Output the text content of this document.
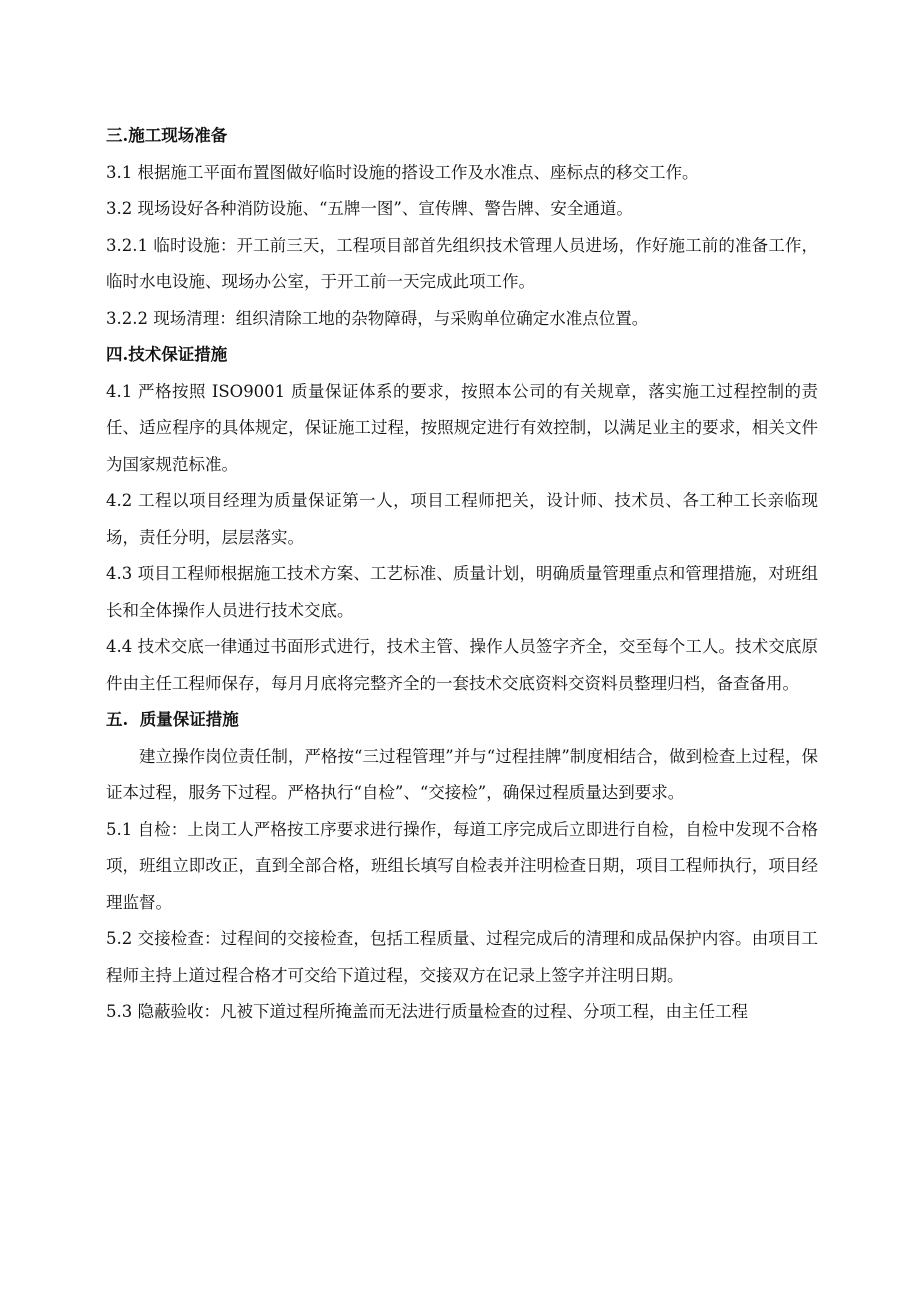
三.施工现场准备

3.1 根据施工平面布置图做好临时设施的搭设工作及水准点、座标点的移交工作。

3.2 现场设好各种消防设施、“五牌一图”、宣传牌、警告牌、安全通道。

3.2.1 临时设施：开工前三天，工程项目部首先组织技术管理人员进场，作好施工前的准备工作，临时水电设施、现场办公室，于开工前一天完成此项工作。

3.2.2 现场清理：组织清除工地的杂物障碍，与采购单位确定水准点位置。

四.技术保证措施

4.1 严格按照 ISO9001 质量保证体系的要求，按照本公司的有关规章，落实施工过程控制的责任、适应程序的具体规定，保证施工过程，按照规定进行有效控制，以满足业主的要求，相关文件为国家规范标准。

4.2 工程以项目经理为质量保证第一人，项目工程师把关，设计师、技术员、各工种工长亲临现场，责任分明，层层落实。

4.3 项目工程师根据施工技术方案、工艺标准、质量计划，明确质量管理重点和管理措施，对班组长和全体操作人员进行技术交底。

4.4 技术交底一律通过书面形式进行，技术主管、操作人员签字齐全，交至每个工人。技术交底原件由主任工程师保存，每月月底将完整齐全的一套技术交底资料交资料员整理归档，备查备用。

五.  质量保证措施

建立操作岗位责任制，严格按“三过程管理”并与“过程挂牌”制度相结合，做到检查上过程，保证本过程，服务下过程。严格执行“自检”、“交接检”，确保过程质量达到要求。

5.1 自检：上岗工人严格按工序要求进行操作，每道工序完成后立即进行自检，自检中发现不合格项，班组立即改正，直到全部合格，班组长填写自检表并注明检查日期，项目工程师执行，项目经理监督。

5.2 交接检查：过程间的交接检查，包括工程质量、过程完成后的清理和成品保护内容。由项目工程师主持上道过程合格才可交给下道过程，交接双方在记录上签字并注明日期。

5.3 隐蔽验收：凡被下道过程所掩盖而无法进行质量检查的过程、分项工程，由主任工程
